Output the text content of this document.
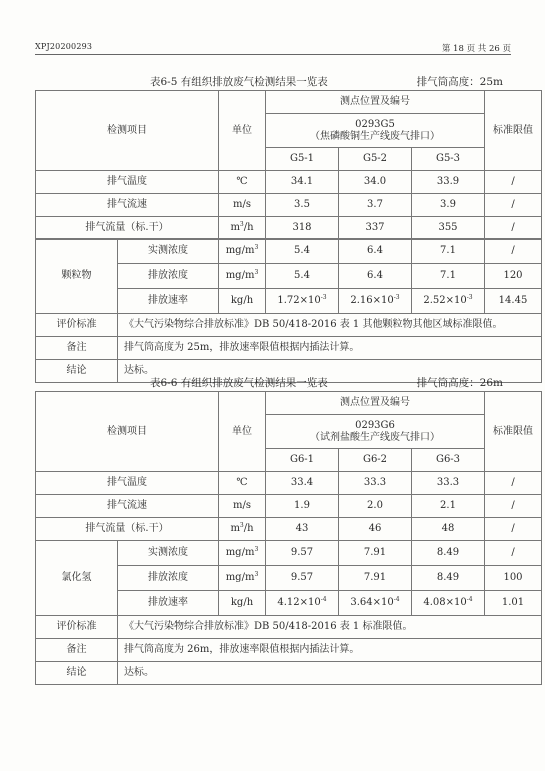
XPJ20200293	第 18 页 共 26 页
表6-5 有组织排放废气检测结果一览表	排气筒高度：25m
检测项目	单位	测点位置及编号			标准限值

		0293G5
（焦磷酸铜生产线废气排口）			

		G5-1	G5-2	G5-3	
排气温度	℃	34.1	34.0	33.9	/
排气流速	m/s	3.5	3.7	3.9	/
排气流量（标.干）	$m^3/h$	318	337	355	/
颗粒物	实测浓度	$mg/m^3$	5.4	6.4	7.1	/
	排放浓度	$mg/m^3$	5.4	6.4	7.1	120
	排放速率	kg/h	$1.72\times 10^{-3}$	$2.16\times 10^{-3}$	$2.52\times 10^{-3}$	14.45
评价标准	《大气污染物综合排放标准》DB 50/418-2016 表 1 其他颗粒物其他区域标准限值。					
备注	排气筒高度为 25m，排放速率限值根据内插法计算。					
结论	达标。					
表6-6 有组织排放废气检测结果一览表	排气筒高度：26m
检测项目		单位	测点位置及编号			标准限值

			0293G6
（试剂盐酸生产线废气排口）			

			G6-1	G6-2	G6-3	
排气温度		℃	33.4	33.3	33.3	/
排气流速		m/s	1.9	2.0	2.1	/
排气流量（标.干）		$m^3/h$	43	46	48	/
氯化氢	实测浓度	$mg/m^3$	9.57	7.91	8.49	/
	排放浓度	$mg/m^3$	9.57	7.91	8.49	100
	排放速率	kg/h	$4.12\times 10^{-4}$	$3.64\times 10^{-4}$	$4.08\times 10^{-4}$	1.01
评价标准	《大气污染物综合排放标准》DB 50/418-2016 表 1 标准限值。					
备注	排气筒高度为 26m，排放速率限值根据内插法计算。					
结论	达标。					
